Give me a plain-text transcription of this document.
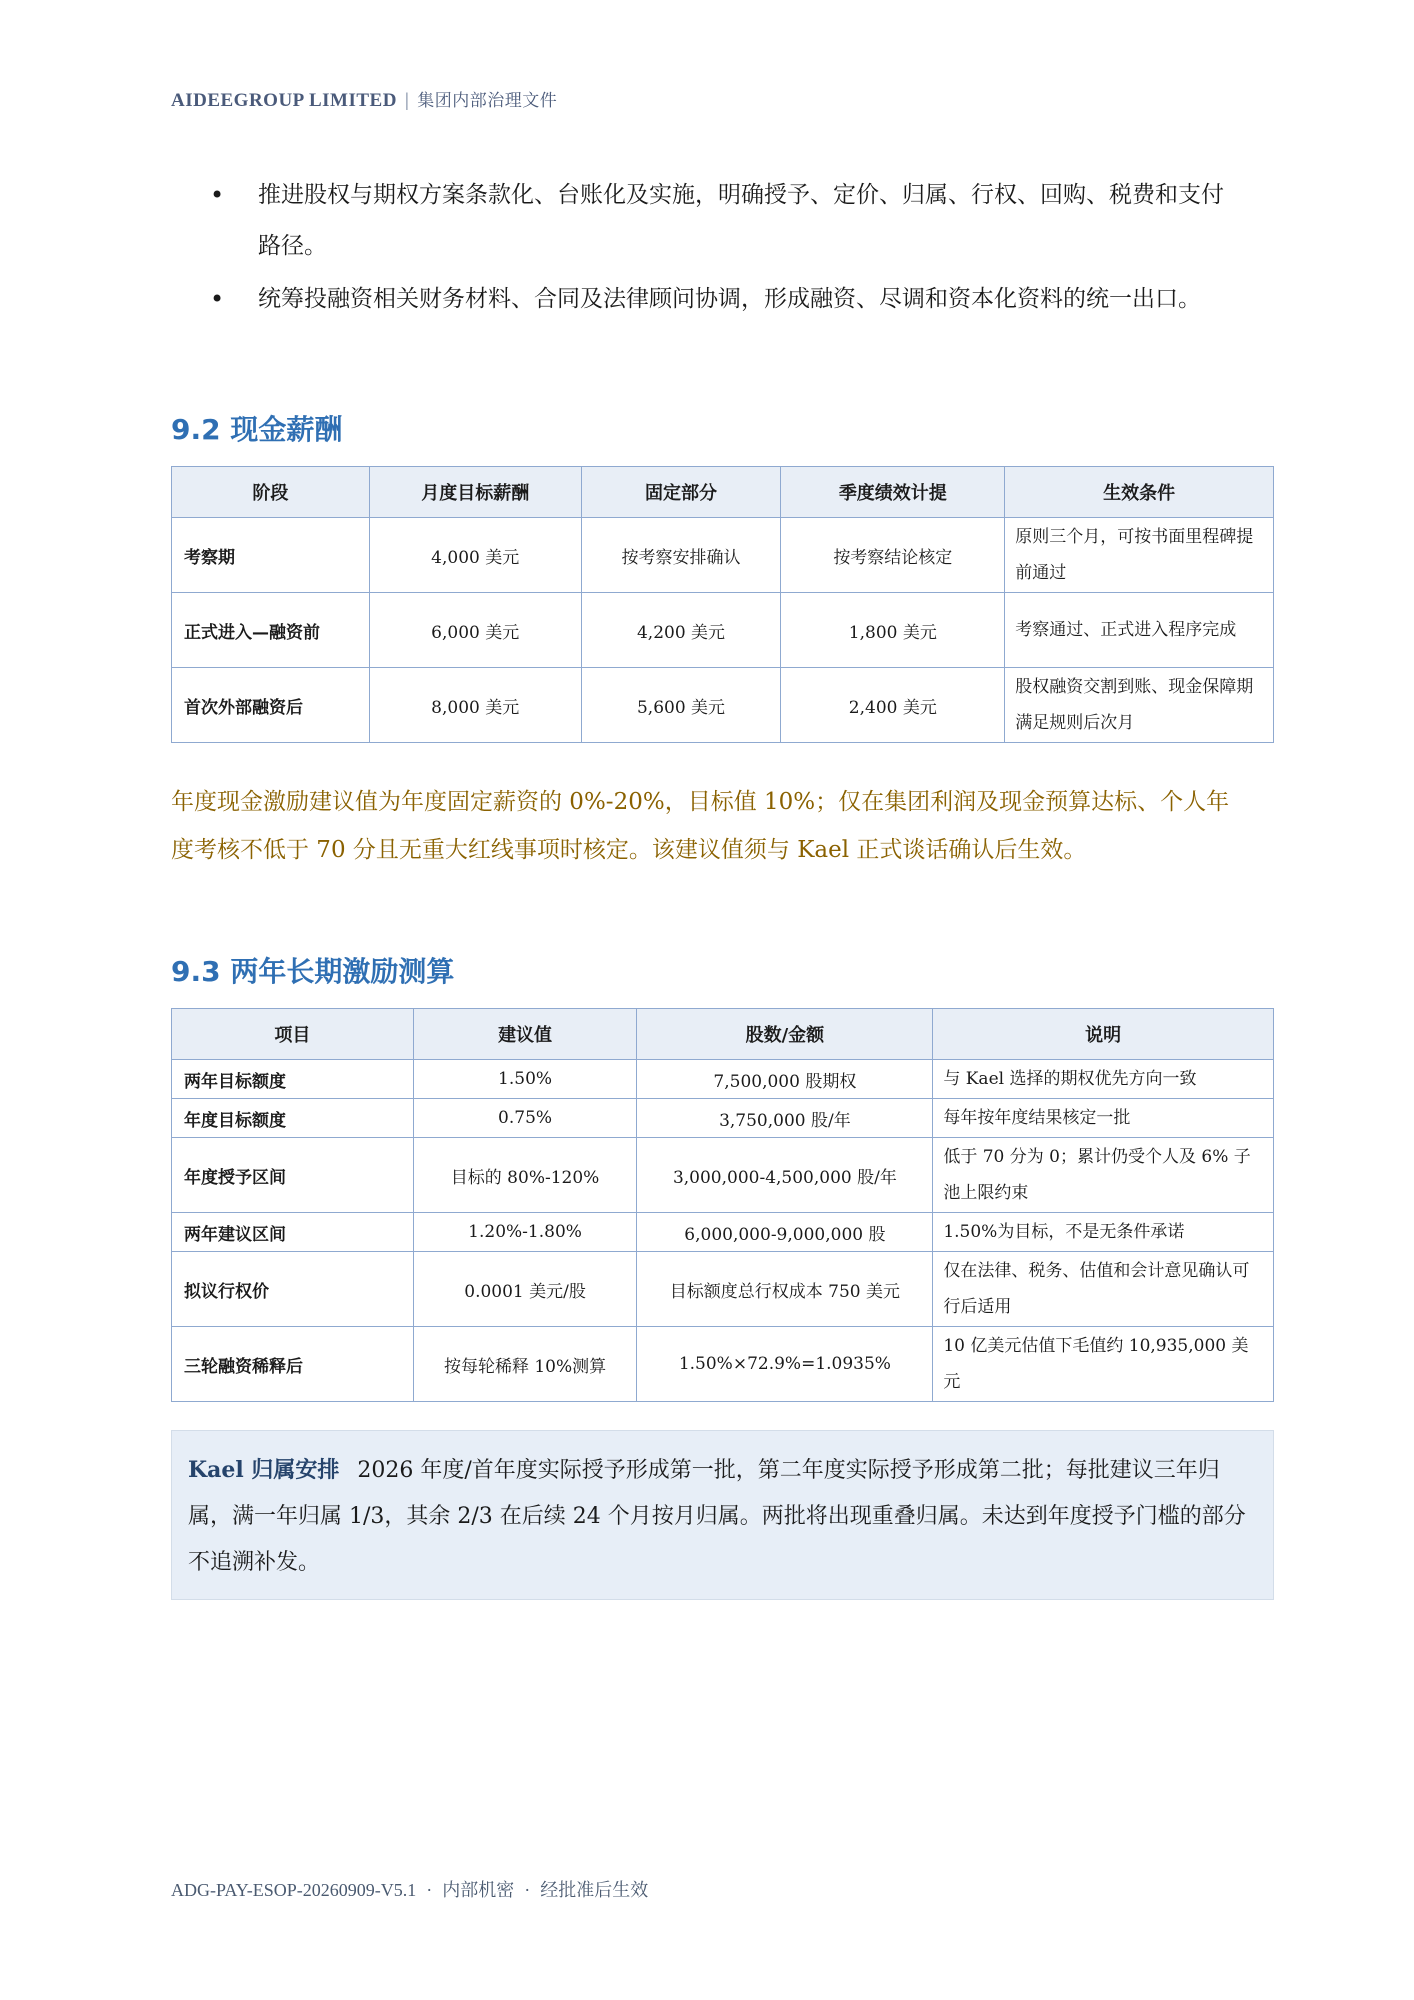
AIDEEGROUP LIMITED | 集团内部治理文件
• 推进股权与期权方案条款化、台账化及实施，明确授予、定价、归属、行权、回购、税费和支付路径。
• 统筹投融资相关财务材料、合同及法律顾问协调，形成融资、尽调和资本化资料的统一出口。
9.2 现金薪酬
阶段	月度目标薪酬	固定部分	季度绩效计提	生效条件
考察期	4,000 美元	按考察安排确认	按考察结论核定	原则三个月，可按书面里程碑提前通过
正式进入—融资前	6,000 美元	4,200 美元	1,800 美元	考察通过、正式进入程序完成
首次外部融资后	8,000 美元	5,600 美元	2,400 美元	股权融资交割到账、现金保障期满足规则后次月
年度现金激励建议值为年度固定薪资的 0%-20%，目标值 10%；仅在集团利润及现金预算达标、个人年度考核不低于 70 分且无重大红线事项时核定。该建议值须与 Kael 正式谈话确认后生效。
9.3 两年长期激励测算
项目	建议值	股数/金额	说明
两年目标额度	1.50%	7,500,000 股期权	与 Kael 选择的期权优先方向一致
年度目标额度	0.75%	3,750,000 股/年	每年按年度结果核定一批
年度授予区间	目标的 80%-120%	3,000,000-4,500,000 股/年	低于 70 分为 0；累计仍受个人及 6% 子池上限约束
两年建议区间	1.20%-1.80%	6,000,000-9,000,000 股	1.50%为目标，不是无条件承诺
拟议行权价	0.0001 美元/股	目标额度总行权成本 750 美元	仅在法律、税务、估值和会计意见确认可行后适用
三轮融资稀释后	按每轮稀释 10%测算	1.50%×72.9%=1.0935%	10 亿美元估值下毛值约 10,935,000 美元
Kael 归属安排 2026 年度/首年度实际授予形成第一批，第二年度实际授予形成第二批；每批建议三年归属，满一年归属 1/3，其余 2/3 在后续 24 个月按月归属。两批将出现重叠归属。未达到年度授予门槛的部分不追溯补发。
ADG-PAY-ESOP-20260909-V5.1 · 内部机密 · 经批准后生效
